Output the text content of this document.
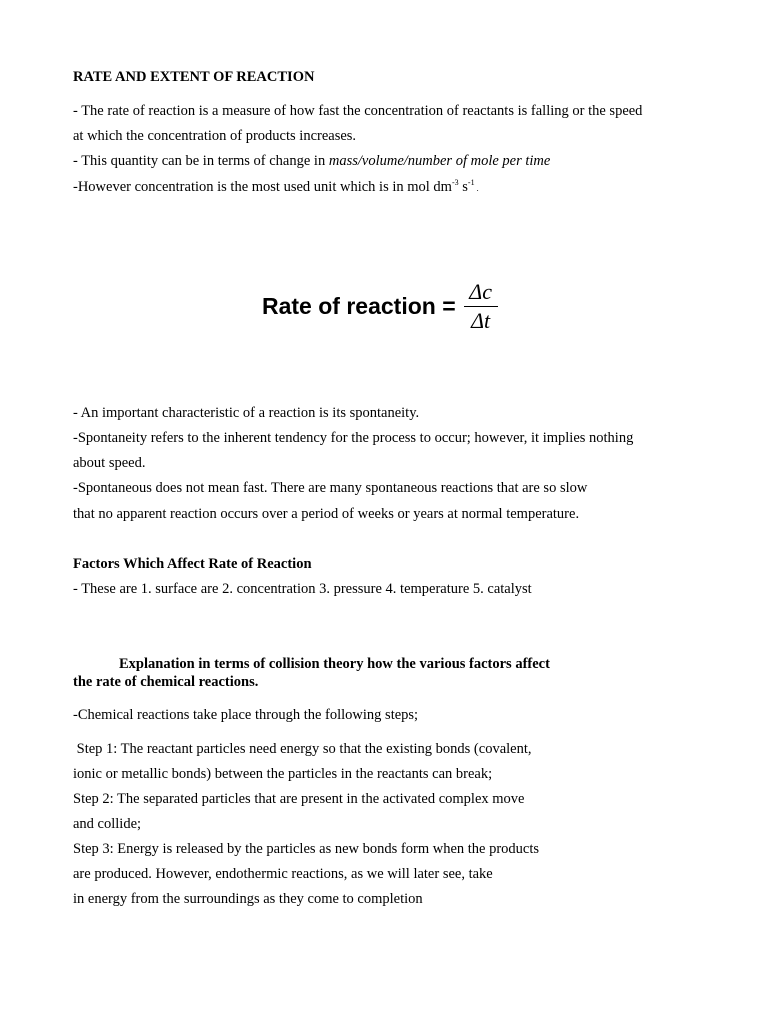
RATE AND EXTENT OF REACTION

- The rate of reaction is a measure of how fast the concentration of reactants is falling or the speed

at which the concentration of products increases.

- This quantity can be in terms of change in mass/volume/number of mole per time

-However concentration is the most used unit which is in mol $dm^{-3}$ $s^{-1}$ .

Rate of reaction = $\frac{\Delta c}{\Delta t}$

- An important characteristic of a reaction is its spontaneity.

-Spontaneity refers to the inherent tendency for the process to occur; however, it implies nothing

about speed.

-Spontaneous does not mean fast. There are many spontaneous reactions that are so slow

that no apparent reaction occurs over a period of weeks or years at normal temperature.

Factors Which Affect Rate of Reaction

- These are 1. surface are 2. concentration 3. pressure 4. temperature 5. catalyst

Explanation in terms of collision theory how the various factors affect

the rate of chemical reactions.

-Chemical reactions take place through the following steps;

Step 1: The reactant particles need energy so that the existing bonds (covalent,

ionic or metallic bonds) between the particles in the reactants can break;

Step 2: The separated particles that are present in the activated complex move

and collide;

Step 3: Energy is released by the particles as new bonds form when the products

are produced. However, endothermic reactions, as we will later see, take

in energy from the surroundings as they come to completion
